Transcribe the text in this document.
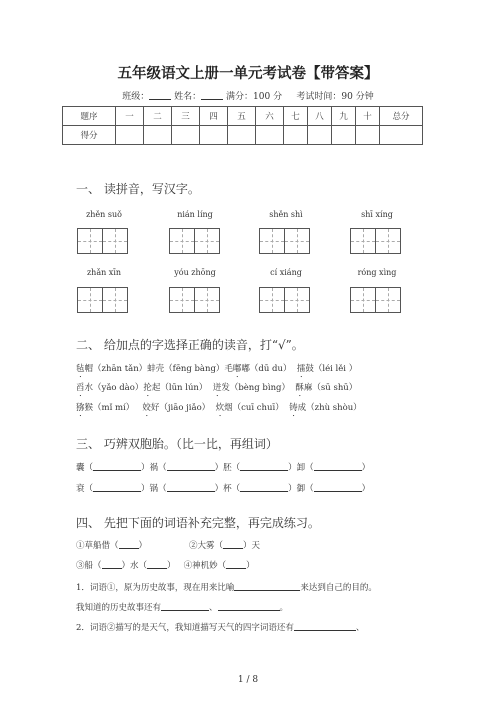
五年级语文上册一单元考试卷【带答案】
班级：	姓名：	满分：100 分 考试时间：90 分钟
题序	一	二	三	四	五	六	七	八	九	十	总分
得分											
一、 读拼音，写汉字。
zhěn suǒ	nián líng	shěn shì	shī xíng
zhǎn xīn	yóu zhōng	cí xiáng	róng xìng
二、 给加点的字选择正确的读音，打“√”。
毡帽（zhān tǎn）蚌壳（fēng bàng）毛嘟嘟（dū du） 擂鼓（léi lěi ）
舀水（yǎo dào）抡起（lūn lún） 迸发（bèng bìng） 酥麻（sū shū）
猕猴（mǐ mí） 姣好（jiāo jiǎo） 炊烟（cuī chuī） 铸成（zhù shòu）
三、 巧辨双胞胎。（比一比，再组词）
囊（	）祸（	）胚（	）卸（	）
衰（	）锅（	）杯（	）御（	）
四、 先把下面的词语补充完整，再完成练习。
①草船借（ ）	②大雾（ ）天
③船（ ）水（ ） ④神机妙（ ）
1．词语①，原为历史故事，现在用来比喻	来达到自己的目的。
我知道的历史故事还有	、	。
2．词语②描写的是天气，我知道描写天气的四字词语还有	、
1 / 8
